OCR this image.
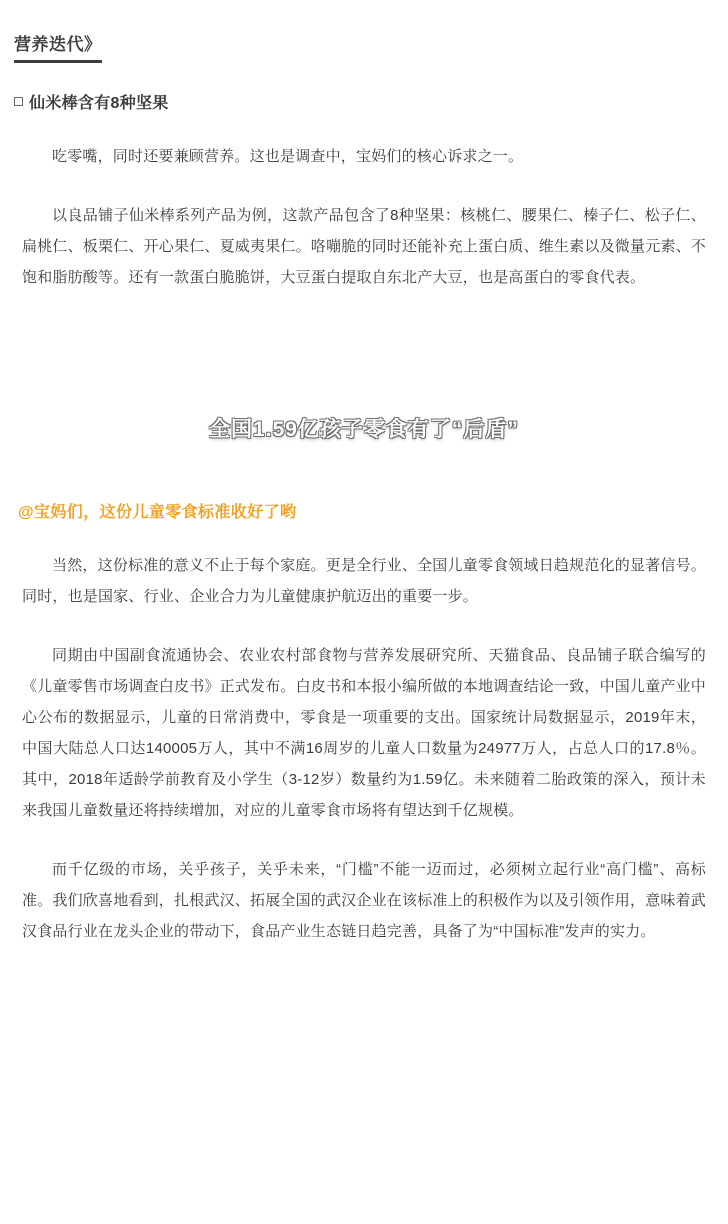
营养迭代》
仙米棒含有8种坚果

吃零嘴，同时还要兼顾营养。这也是调查中，宝妈们的核心诉求之一。

以良品铺子仙米棒系列产品为例，这款产品包含了8种坚果：核桃仁、腰果仁、榛子仁、松子仁、扁桃仁、板栗仁、开心果仁、夏威夷果仁。咯嘣脆的同时还能补充上蛋白质、维生素以及微量元素、不饱和脂肪酸等。还有一款蛋白脆脆饼，大豆蛋白提取自东北产大豆，也是高蛋白的零食代表。

全国1.59亿孩子零食有了“后盾”
@宝妈们，这份儿童零食标准收好了哟

当然，这份标准的意义不止于每个家庭。更是全行业、全国儿童零食领域日趋规范化的显著信号。同时，也是国家、行业、企业合力为儿童健康护航迈出的重要一步。

同期由中国副食流通协会、农业农村部食物与营养发展研究所、天猫食品、良品铺子联合编写的《儿童零售市场调查白皮书》正式发布。白皮书和本报小编所做的本地调查结论一致，中国儿童产业中心公布的数据显示，儿童的日常消费中，零食是一项重要的支出。国家统计局数据显示，2019年末，中国大陆总人口达140005万人，其中不满16周岁的儿童人口数量为24977万人，占总人口的17.8％。其中，2018年适龄学前教育及小学生（3-12岁）数量约为1.59亿。未来随着二胎政策的深入，预计未来我国儿童数量还将持续增加，对应的儿童零食市场将有望达到千亿规模。

而千亿级的市场，关乎孩子，关乎未来，“门槛”不能一迈而过，必须树立起行业“高门槛”、高标准。我们欣喜地看到，扎根武汉、拓展全国的武汉企业在该标准上的积极作为以及引领作用，意味着武汉食品行业在龙头企业的带动下，食品产业生态链日趋完善，具备了为“中国标准”发声的实力。
